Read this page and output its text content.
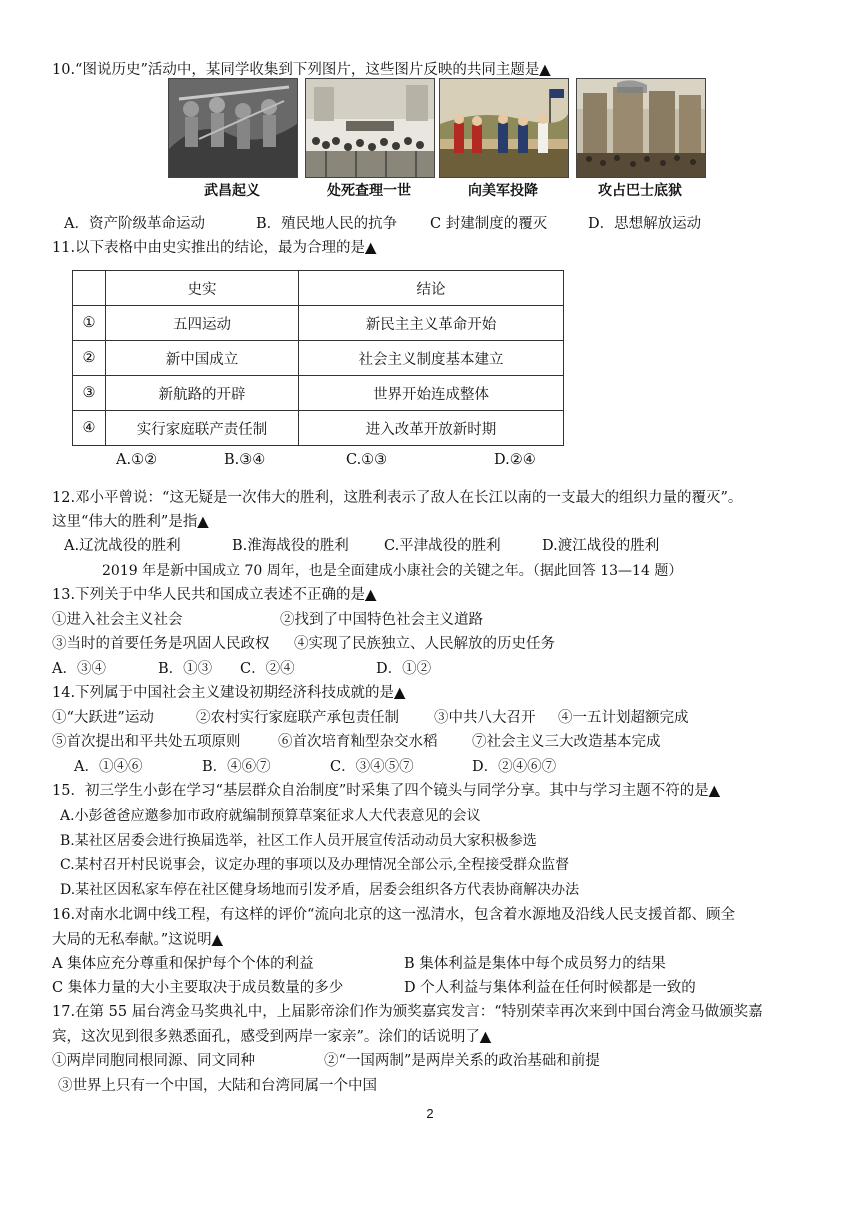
10.“图说历史”活动中，某同学收集到下列图片，这些图片反映的共同主题是▲
武昌起义	处死查理一世	向美军投降	攻占巴士底狱
A．资产阶级革命运动	B．殖民地人民的抗争 C 封建制度的覆灭	D．思想解放运动
11.以下表格中由史实推出的结论，最为合理的是▲
	史实	结论
①	五四运动	新民主主义革命开始
②	新中国成立	社会主义制度基本建立
③	新航路的开辟	世界开始连成整体
④	实行家庭联产责任制	进入改革开放新时期
A.①②	B.③④	C.①③	D.②④
12.邓小平曾说：“这无疑是一次伟大的胜利，这胜利表示了敌人在长江以南的一支最大的组织力量的覆灭”。
这里“伟大的胜利”是指▲
A.辽沈战役的胜利	B.淮海战役的胜利 C.平津战役的胜利	D.渡江战役的胜利
2019 年是新中国成立 70 周年，也是全面建成小康社会的关键之年。（据此回答 13—14 题）
13.下列关于中华人民共和国成立表述不正确的是▲
①进入社会主义社会	②找到了中国特色社会主义道路
③当时的首要任务是巩固人民政权 ④实现了民族独立、人民解放的历史任务
A．③④	B．①③ C．②④	D．①②
14.下列属于中国社会主义建设初期经济科技成就的是▲
①“大跃进”运动	②农村实行家庭联产承包责任制 ③中共八大召开 ④一五计划超额完成
⑤首次提出和平共处五项原则	⑥首次培育籼型杂交水稻 ⑦社会主义三大改造基本完成
A．①④⑥	B．④⑥⑦	C．③④⑤⑦	D．②④⑥⑦
15．初三学生小彭在学习“基层群众自治制度”时采集了四个镜头与同学分享。其中与学习主题不符的是▲
A.小彭爸爸应邀参加市政府就编制预算草案征求人大代表意见的会议
B.某社区居委会进行换届选举，社区工作人员开展宣传活动动员大家积极参选
C.某村召开村民说事会，议定办理的事项以及办理情况全部公示,全程接受群众监督
D.某社区因私家车停在社区健身场地而引发矛盾，居委会组织各方代表协商解决办法
16.对南水北调中线工程，有这样的评价“流向北京的这一泓清水，包含着水源地及沿线人民支援首都、顾全
大局的无私奉献。”这说明▲
A 集体应充分尊重和保护每个个体的利益	B 集体利益是集体中每个成员努力的结果
C 集体力量的大小主要取决于成员数量的多少	D 个人利益与集体利益在任何时候都是一致的
17.在第 55 届台湾金马奖典礼中，上届影帝涂们作为颁奖嘉宾发言：“特别荣幸再次来到中国台湾金马做颁奖嘉
宾，这次见到很多熟悉面孔，感受到两岸一家亲”。涂们的话说明了▲
①两岸同胞同根同源、同文同种	②“一国两制”是两岸关系的政治基础和前提
③世界上只有一个中国，大陆和台湾同属一个中国
2
